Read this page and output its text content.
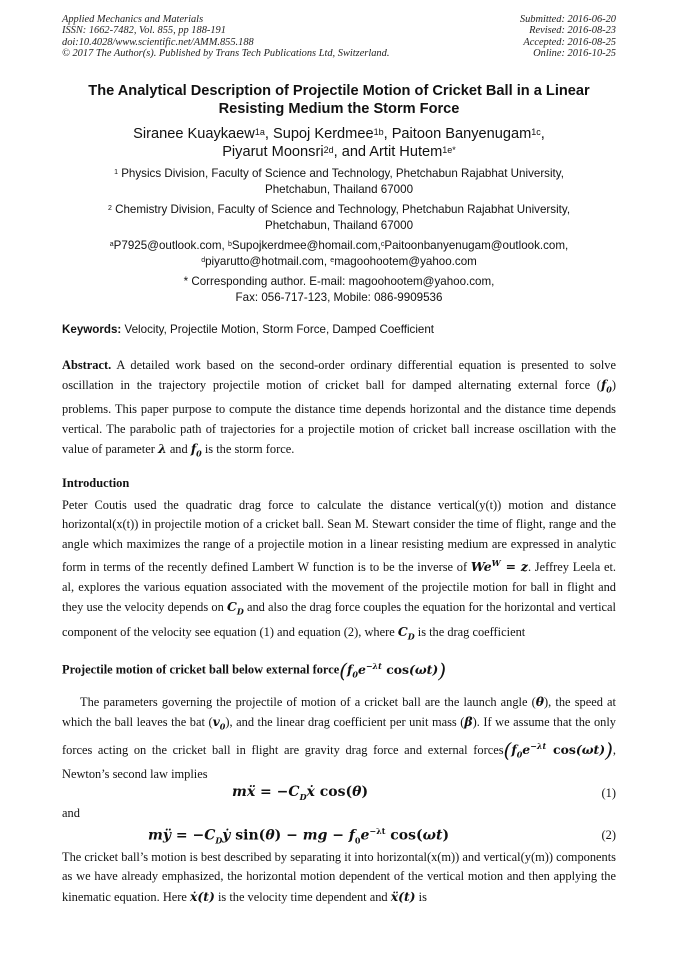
Applied Mechanics and Materials
ISSN: 1662-7482, Vol. 855, pp 188-191
doi:10.4028/www.scientific.net/AMM.855.188
© 2017 The Author(s). Published by Trans Tech Publications Ltd, Switzerland.
Submitted: 2016-06-20
Revised: 2016-08-23
Accepted: 2016-08-25
Online: 2016-10-25
The Analytical Description of Projectile Motion of Cricket Ball in a Linear
Resisting Medium the Storm Force
Siranee Kuaykaew$^{1a}$, Supoj Kerdmee$^{1b}$, Paitoon Banyenugam$^{1c}$,
Piyarut Moonsri$^{2d}$, and Artit Hutem$^{1e*}$
$^1$ Physics Division, Faculty of Science and Technology, Phetchabun Rajabhat University,
Phetchabun, Thailand 67000
$^2$ Chemistry Division, Faculty of Science and Technology, Phetchabun Rajabhat University,
Phetchabun, Thailand 67000
$^a$P7925@outlook.com, $^b$Supojkerdmee@homail.com,$^c$Paitoonbanyenugam@outlook.com,
$^d$piyarutto@hotmail.com, $^e$magoohootem@yahoo.com
* Corresponding author. E-mail: magoohootem@yahoo.com,
Fax: 056-717-123, Mobile: 086-9909536
Keywords: Velocity, Projectile Motion, Storm Force, Damped Coefficient
Abstract. A detailed work based on the second-order ordinary differential equation is presented to solve oscillation in the trajectory projectile motion of cricket ball for damped alternating external force $(f_0)$ problems. This paper purpose to compute the distance time depends horizontal and the distance time depends vertical. The parabolic path of trajectories for a projectile motion of cricket ball increase oscillation with the value of parameter λ and $f_0$ is the storm force.
Introduction
Peter Coutis used the quadratic drag force to calculate the distance vertical(y(t)) motion and distance horizontal(x(t)) in projectile motion of a cricket ball. Sean M. Stewart consider the time of flight, range and the angle which maximizes the range of a projectile motion in a linear resisting medium are expressed in analytic form in terms of the recently defined Lambert W function is to be the inverse of $We^W = z$. Jeffrey Leela et. al, explores the various equation associated with the movement of the projectile motion for ball in flight and they use the velocity depends on $C_D$ and also the drag force couples the equation for the horizontal and vertical component of the velocity see equation (1) and equation (2), where $C_D$ is the drag coefficient
Projectile motion of cricket ball below external $force(f_0e^{-\lambda t}$ cos(ωt))
The parameters governing the projectile of motion of a cricket ball are the launch angle (θ), the speed at which the ball leaves the bat $(v_0)$, and the linear drag coefficient per unit mass (β). If we assume that the only forces acting on the cricket ball in flight are gravity drag force and external $forces(f_0e^{-\lambda t}$ cos(ωt)), Newton’s second law implies
mẍ = $-C_Dẋ$ cos(θ)	(1)
and
mÿ = $-C_Dẏ$ sin(θ) − mg − $f_0e^{-\lambda t}$ cos(ωt)	(2)
The cricket ball’s motion is best described by separating it into horizontal(x(m)) and vertical(y(m)) components as we have already emphasized, the horizontal motion dependent of the vertical motion and then applying the kinematic equation. Here ẋ(t) is the velocity time dependent and ẍ(t) is
